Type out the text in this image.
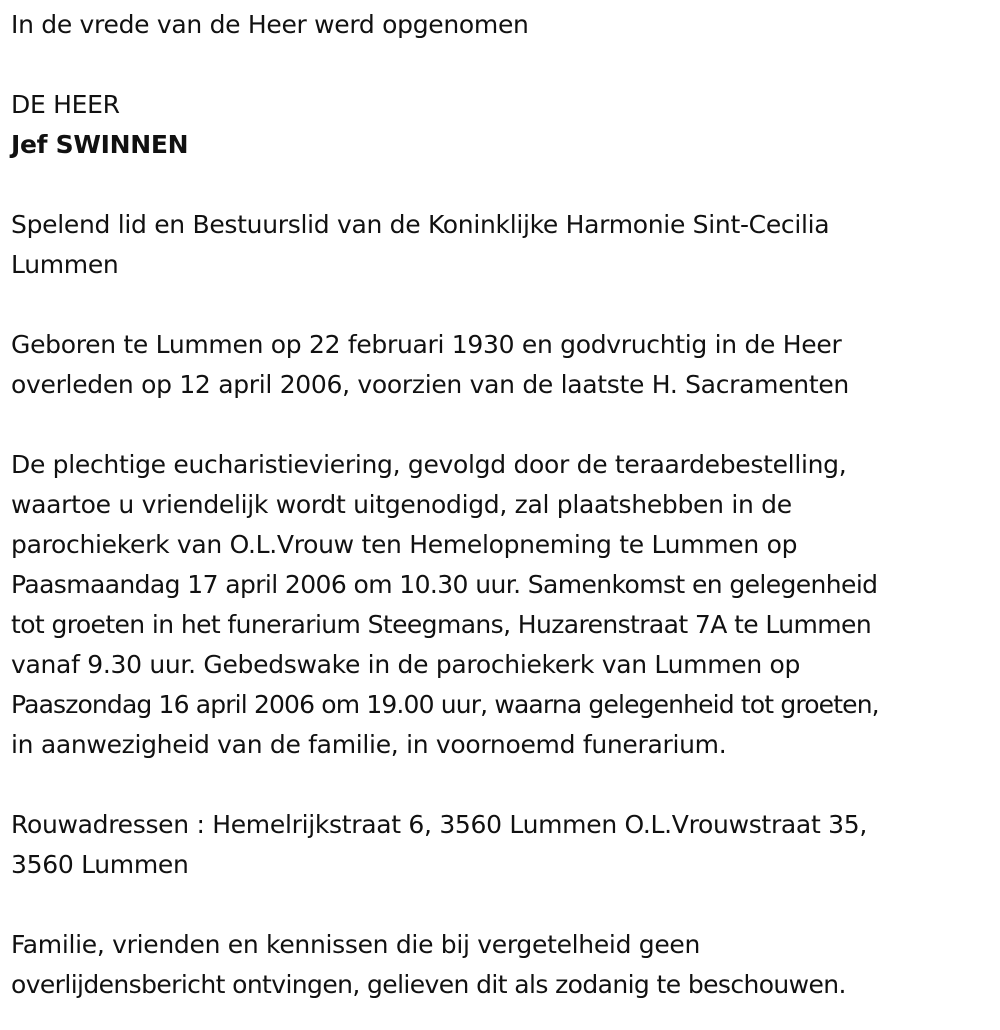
In de vrede van de Heer werd opgenomen
DE HEER
Jef SWINNEN
Spelend lid en Bestuurslid van de Koninklijke Harmonie Sint-Cecilia
Lummen
Geboren te Lummen op 22 februari 1930 en godvruchtig in de Heer
overleden op 12 april 2006, voorzien van de laatste H. Sacramenten
De plechtige eucharistieviering, gevolgd door de teraardebestelling,
waartoe u vriendelijk wordt uitgenodigd, zal plaatshebben in de
parochiekerk van O.L.Vrouw ten Hemelopneming te Lummen op
Paasmaandag 17 april 2006 om 10.30 uur. Samenkomst en gelegenheid
tot groeten in het funerarium Steegmans, Huzarenstraat 7A te Lummen
vanaf 9.30 uur. Gebedswake in de parochiekerk van Lummen op
Paaszondag 16 april 2006 om 19.00 uur, waarna gelegenheid tot groeten,
in aanwezigheid van de familie, in voornoemd funerarium.
Rouwadressen : Hemelrijkstraat 6, 3560 Lummen O.L.Vrouwstraat 35,
3560 Lummen
Familie, vrienden en kennissen die bij vergetelheid geen
overlijdensbericht ontvingen, gelieven dit als zodanig te beschouwen.
